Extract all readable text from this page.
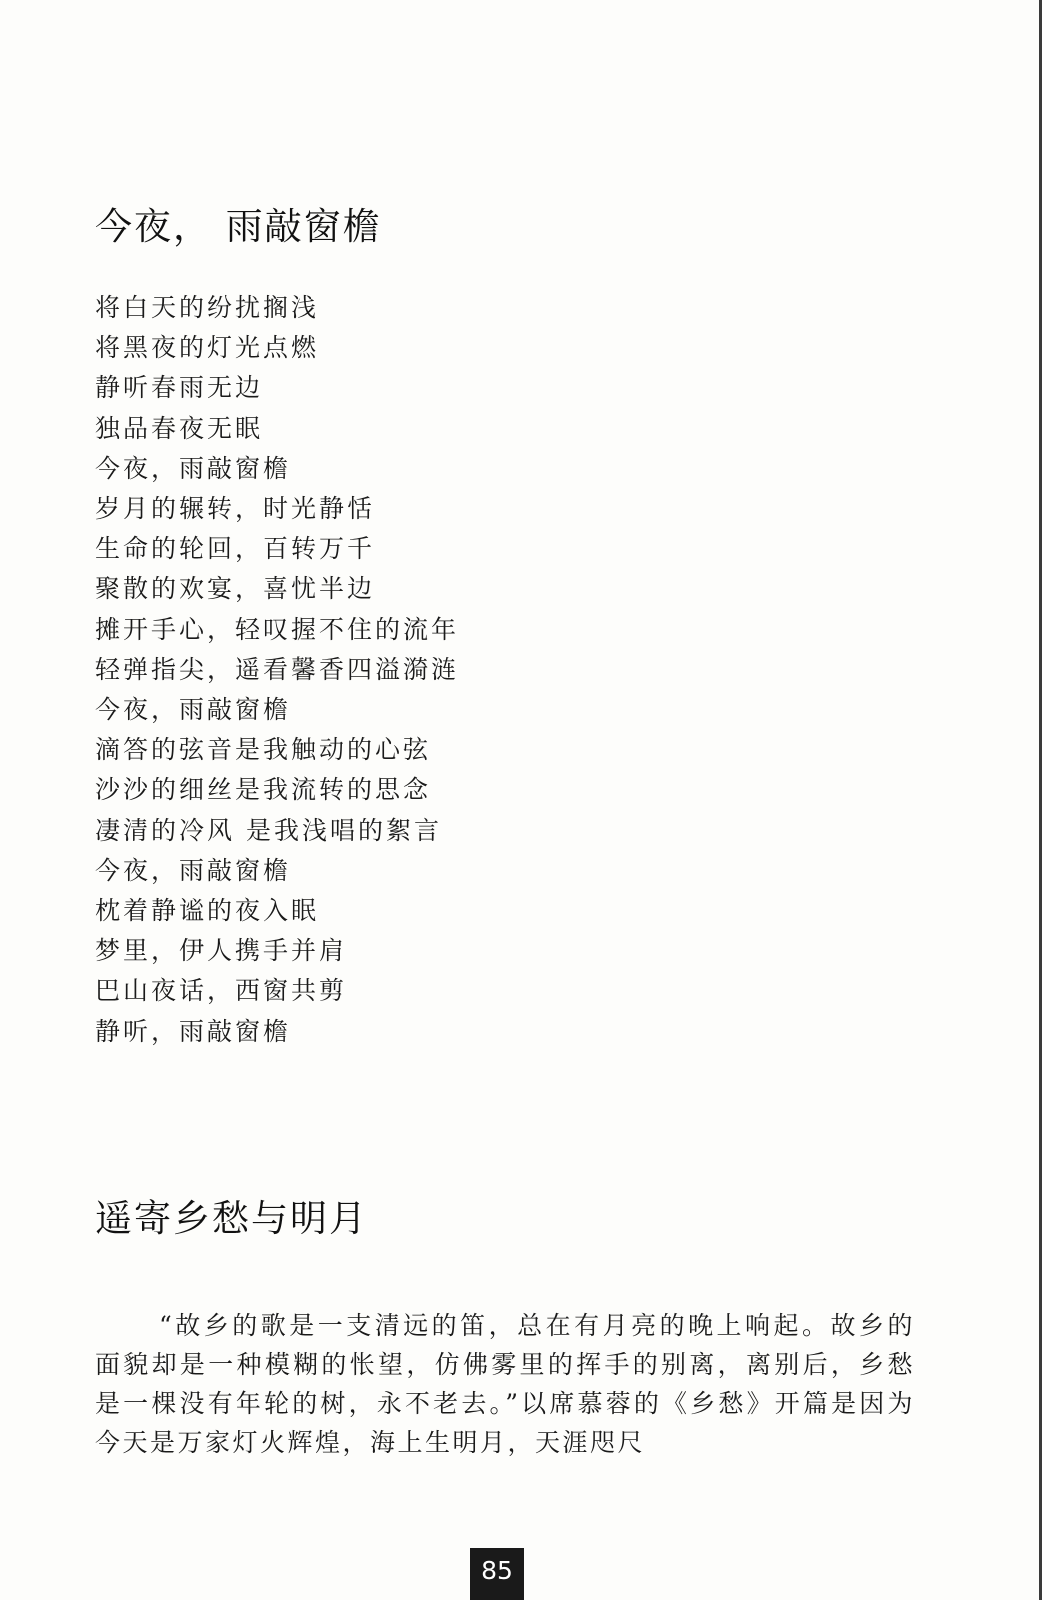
今夜， 雨敲窗檐
将白天的纷扰搁浅
将黑夜的灯光点燃
静听春雨无边
独品春夜无眠
今夜，雨敲窗檐
岁月的辗转，时光静恬
生命的轮回，百转万千
聚散的欢宴，喜忧半边
摊开手心，轻叹握不住的流年
轻弹指尖，遥看馨香四溢漪涟
今夜，雨敲窗檐
滴答的弦音是我触动的心弦
沙沙的细丝是我流转的思念
凄清的冷风 是我浅唱的絮言
今夜，雨敲窗檐
枕着静谧的夜入眠
梦里，伊人携手并肩
巴山夜话，西窗共剪
静听，雨敲窗檐
遥寄乡愁与明月

“故乡的歌是一支清远的笛，总在有月亮的晚上响起。故乡的面貌却是一种模糊的怅望，仿佛雾里的挥手的别离，离别后，乡愁是一棵没有年轮的树，永不老去。”以席慕蓉的《乡愁》开篇是因为今天是万家灯火辉煌，海上生明月，天涯咫尺

85
